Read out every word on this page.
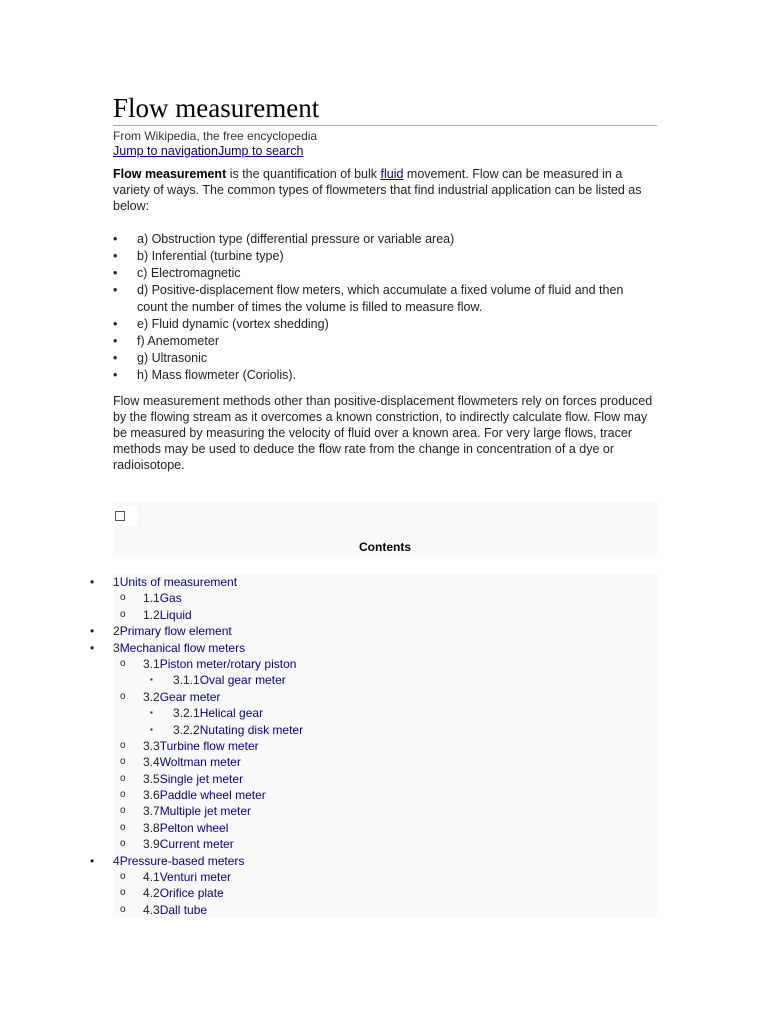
Flow measurement
From Wikipedia, the free encyclopedia
Jump to navigationJump to search

Flow measurement is the quantification of bulk fluid movement. Flow can be measured in a variety of ways. The common types of flowmeters that find industrial application can be listed as below:

• a) Obstruction type (differential pressure or variable area)
• b) Inferential (turbine type)
• c) Electromagnetic
• d) Positive-displacement flow meters, which accumulate a fixed volume of fluid and then count the number of times the volume is filled to measure flow.
• e) Fluid dynamic (vortex shedding)
• f) Anemometer
• g) Ultrasonic
• h) Mass flowmeter (Coriolis).

Flow measurement methods other than positive-displacement flowmeters rely on forces produced by the flowing stream as it overcomes a known constriction, to indirectly calculate flow. Flow may be measured by measuring the velocity of fluid over a known area. For very large flows, tracer methods may be used to deduce the flow rate from the change in concentration of a dye or radioisotope.

Contents
• 1Units of measurement
o 1.1Gas
o 1.2Liquid
• 2Primary flow element
• 3Mechanical flow meters
o 3.1Piston meter/rotary piston
▪ 3.1.1Oval gear meter
o 3.2Gear meter
▪ 3.2.1Helical gear
▪ 3.2.2Nutating disk meter
o 3.3Turbine flow meter
o 3.4Woltman meter
o 3.5Single jet meter
o 3.6Paddle wheel meter
o 3.7Multiple jet meter
o 3.8Pelton wheel
o 3.9Current meter
• 4Pressure-based meters
o 4.1Venturi meter
o 4.2Orifice plate
o 4.3Dall tube
